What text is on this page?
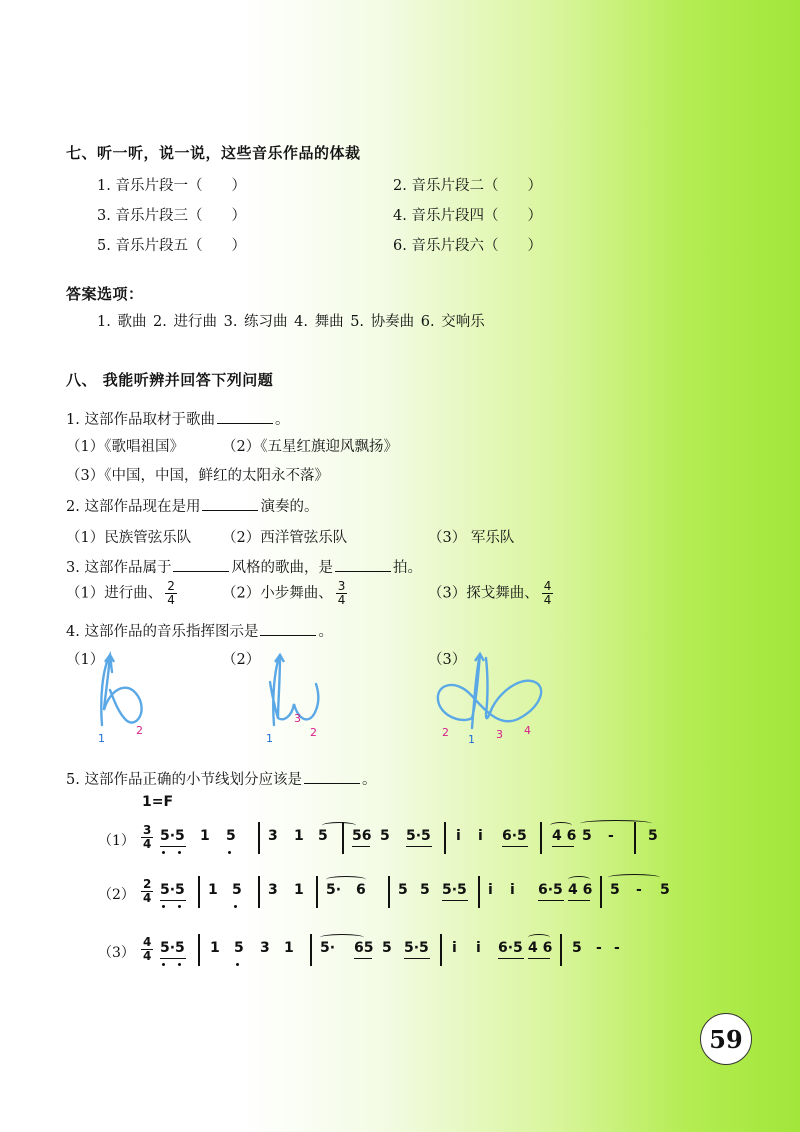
七、听一听，说一说，这些音乐作品的体裁
1. 音乐片段一（　　）	2. 音乐片段二（　　）
3. 音乐片段三（　　）	4. 音乐片段四（　　）
5. 音乐片段五（　　）	6. 音乐片段六（　　）
答案选项：
1. 歌曲 2. 进行曲 3. 练习曲 4. 舞曲 5. 协奏曲 6. 交响乐
八、 我能听辨并回答下列问题
1. 这部作品取材于歌曲	。
（1）《歌唱祖国》	（2）《五星红旗迎风飘扬》
（3）《中国，中国，鲜红的太阳永不落》
2. 这部作品现在是用	演奏的。
（1）民族管弦乐队 （2）西洋管弦乐队	（3） 军乐队
3. 这部作品属于	风格的歌曲，是	拍。
（1）进行曲、 $\frac{2}{4}$	（2）小步舞曲、 $\frac{3}{4}$	（3）探戈舞曲、 $\frac{4}{4}$
4. 这部作品的音乐指挥图示是	。
（1）	（2）	（3）
1
2
1	2
3
2
1 3 4
5. 这部作品正确的小节线划分应该是	。
1=F
$(1) \frac{3}{4} 5\cdot 5$ 1 5 3 1 5 56 5 5·5 i i 6·5 4 6 5 - 5
$(2) \frac{2}{4} 5\cdot 5$ 1 5 3 1 5· 6 5 5 5·5 i i 6·5 4 6 5 - 5
$(3) \frac{4}{4} 5\cdot 5$ 1 5 3 1 5· 65 5 5·5 i i 6·5 4 6 5 - -
59
